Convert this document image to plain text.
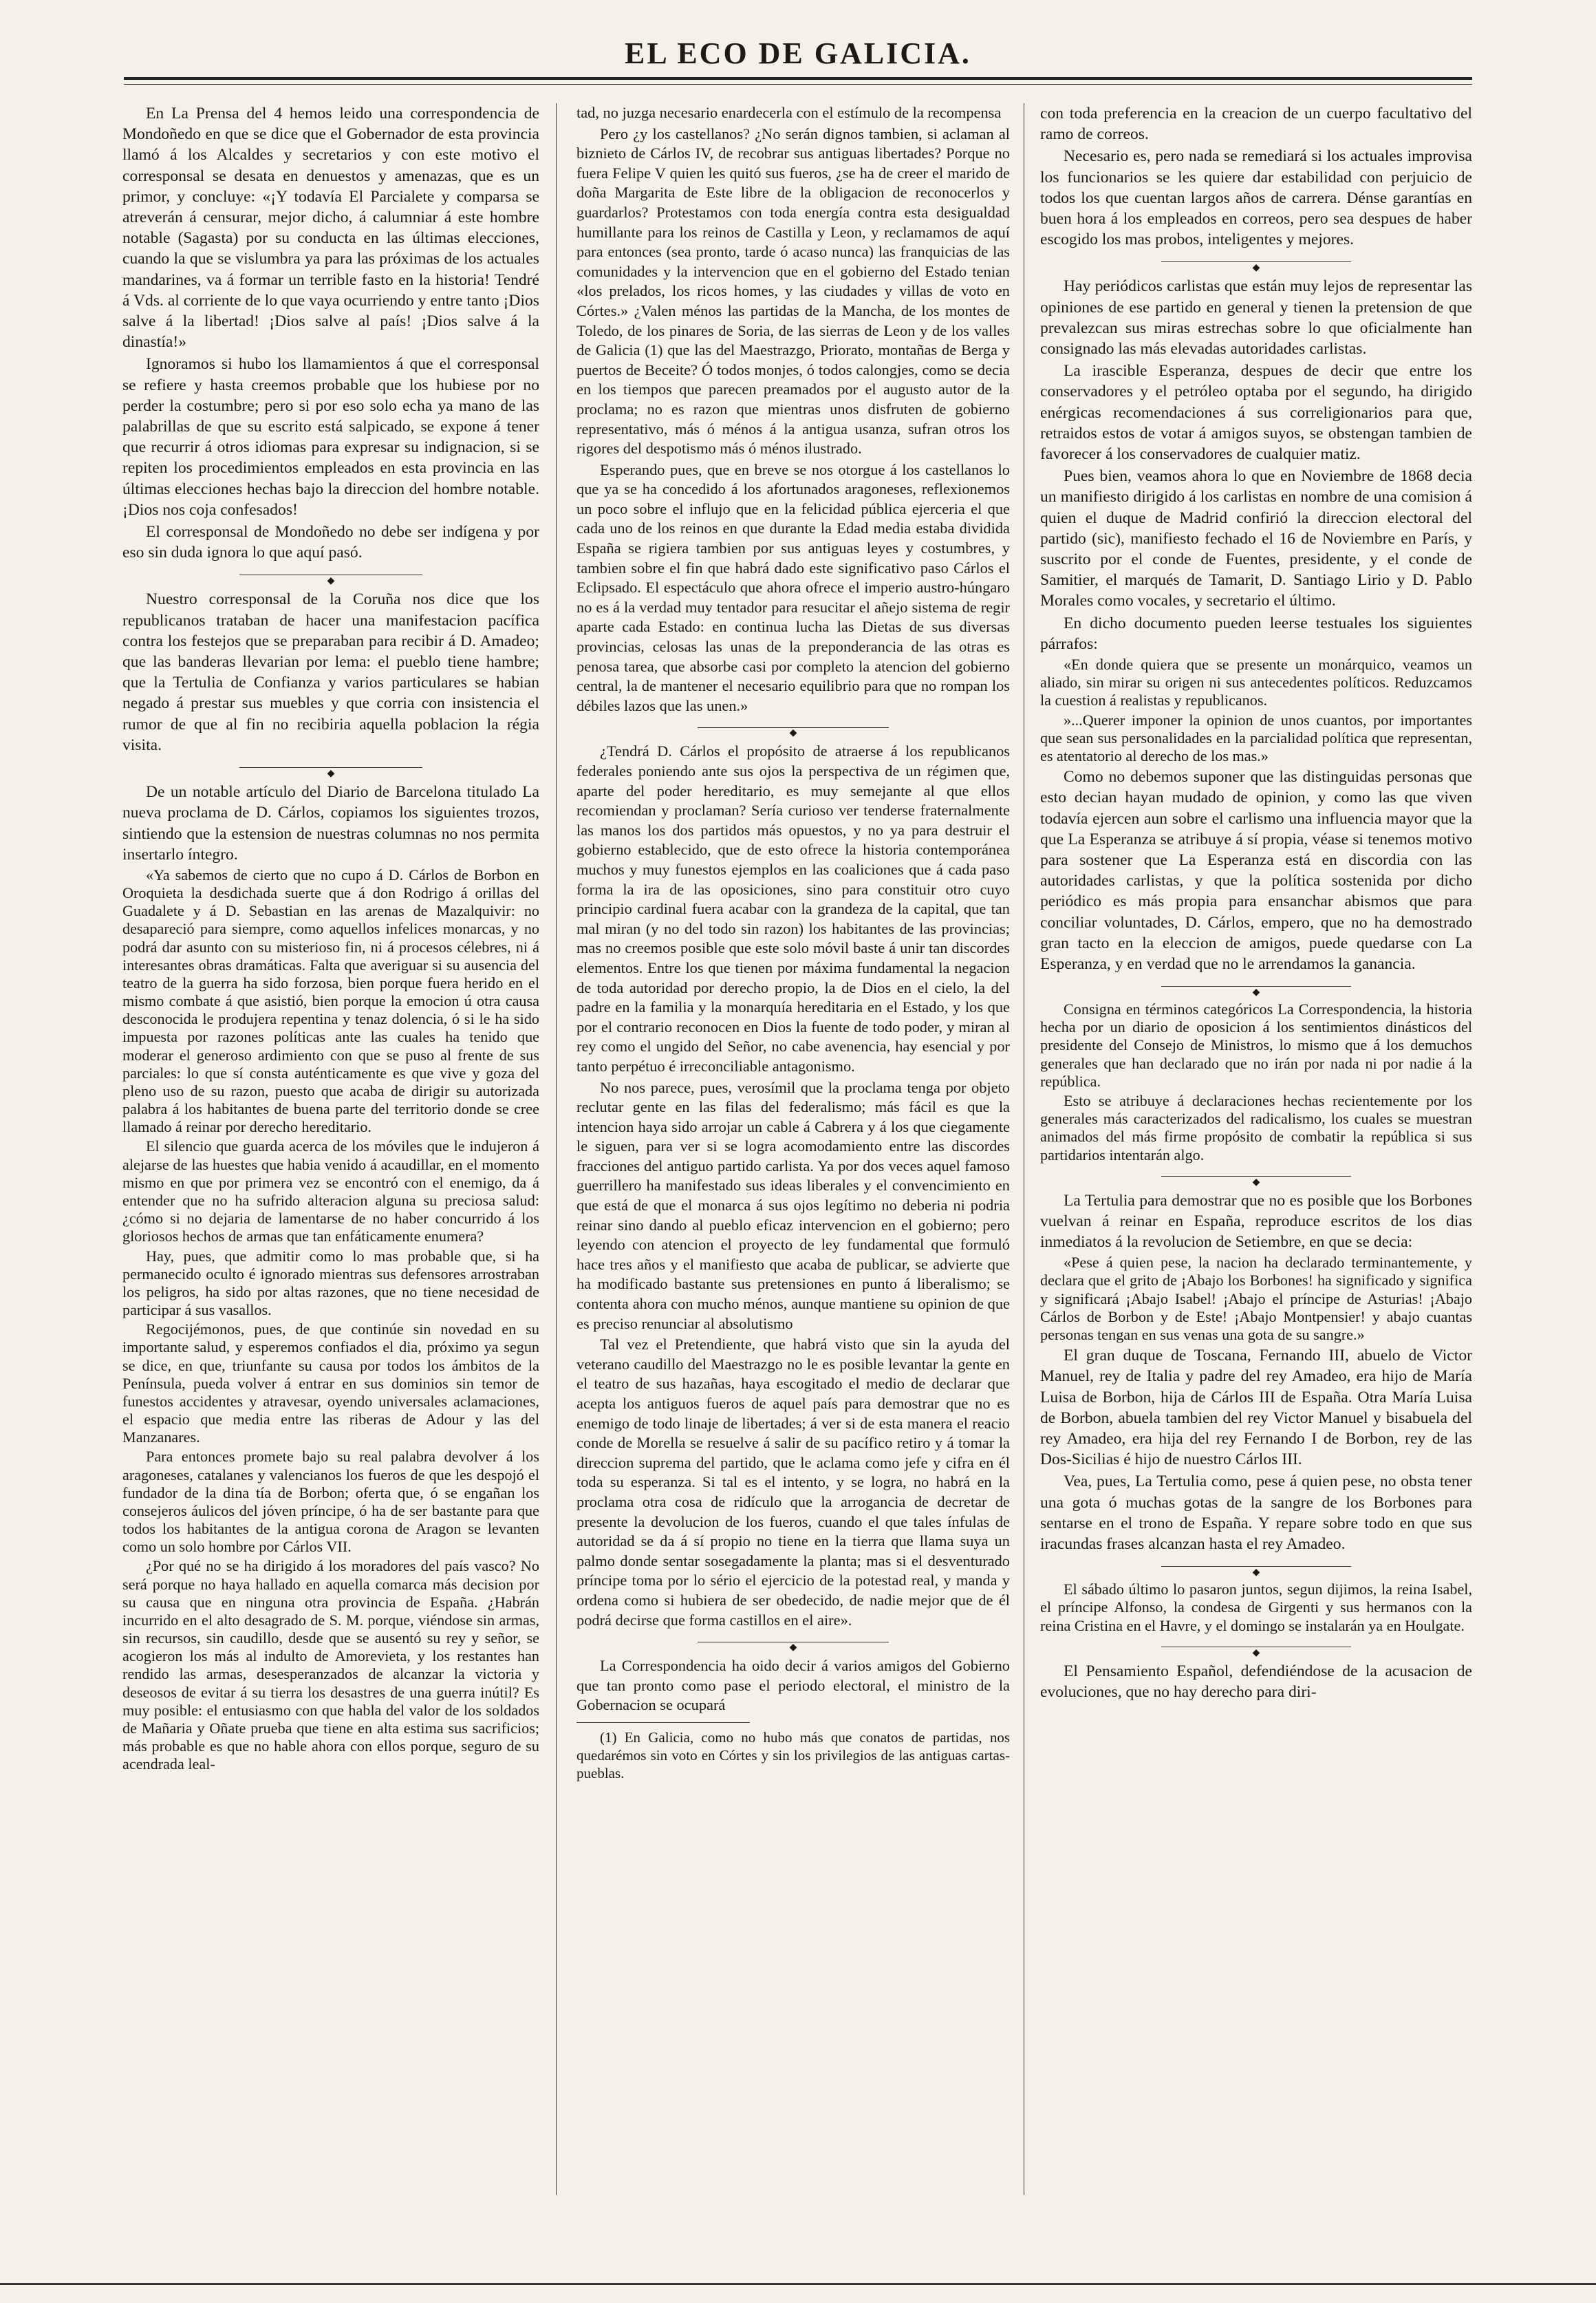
EL ECO DE GALICIA.

En La Prensa del 4 hemos leido una correspondencia de Mondoñedo en que se dice que el Gobernador de esta provincia llamó á los Alcaldes y secretarios y con este motivo el corresponsal se desata en denuestos y amenazas, que es un primor, y concluye: «¡Y todavía El Parcialete y comparsa se atreverán á censurar, mejor dicho, á calumniar á este hombre notable (Sagasta) por su conducta en las últimas elecciones, cuando la que se vislumbra ya para las próximas de los actuales mandarines, va á formar un terrible fasto en la historia! Tendré á Vds. al corriente de lo que vaya ocurriendo y entre tanto ¡Dios salve á la libertad! ¡Dios salve al país! ¡Dios salve á la dinastía!»

Ignoramos si hubo los llamamientos á que el corresponsal se refiere y hasta creemos probable que los hubiese por no perder la costumbre; pero si por eso solo echa ya mano de las palabrillas de que su escrito está salpicado, se expone á tener que recurrir á otros idiomas para expresar su indignacion, si se repiten los procedimientos empleados en esta provincia en las últimas elecciones hechas bajo la direccion del hombre notable. ¡Dios nos coja confesados!

El corresponsal de Mondoñedo no debe ser indígena y por eso sin duda ignora lo que aquí pasó.

◆

Nuestro corresponsal de la Coruña nos dice que los republicanos trataban de hacer una manifestacion pacífica contra los festejos que se preparaban para recibir á D. Amadeo; que las banderas llevarian por lema: el pueblo tiene hambre; que la Tertulia de Confianza y varios particulares se habian negado á prestar sus muebles y que corria con insistencia el rumor de que al fin no recibiria aquella poblacion la régia visita.

◆

De un notable artículo del Diario de Barcelona titulado La nueva proclama de D. Cárlos, copiamos los siguientes trozos, sintiendo que la estension de nuestras columnas no nos permita insertarlo íntegro.

«Ya sabemos de cierto que no cupo á D. Cárlos de Borbon en Oroquieta la desdichada suerte que á don Rodrigo á orillas del Guadalete y á D. Sebastian en las arenas de Mazalquivir: no desapareció para siempre, como aquellos infelices monarcas, y no podrá dar asunto con su misterioso fin, ni á procesos célebres, ni á interesantes obras dramáticas. Falta que averiguar si su ausencia del teatro de la guerra ha sido forzosa, bien porque fuera herido en el mismo combate á que asistió, bien porque la emocion ú otra causa desconocida le produjera repentina y tenaz dolencia, ó si le ha sido impuesta por razones políticas ante las cuales ha tenido que moderar el generoso ardimiento con que se puso al frente de sus parciales: lo que sí consta auténticamente es que vive y goza del pleno uso de su razon, puesto que acaba de dirigir su autorizada palabra á los habitantes de buena parte del territorio donde se cree llamado á reinar por derecho hereditario.

El silencio que guarda acerca de los móviles que le indujeron á alejarse de las huestes que habia venido á acaudillar, en el momento mismo en que por primera vez se encontró con el enemigo, da á entender que no ha sufrido alteracion alguna su preciosa salud: ¿cómo si no dejaria de lamentarse de no haber concurrido á los gloriosos hechos de armas que tan enfáticamente enumera?

Hay, pues, que admitir como lo mas probable que, si ha permanecido oculto é ignorado mientras sus defensores arrostraban los peligros, ha sido por altas razones, que no tiene necesidad de participar á sus vasallos.

Regocijémonos, pues, de que continúe sin novedad en su importante salud, y esperemos confiados el dia, próximo ya segun se dice, en que, triunfante su causa por todos los ámbitos de la Península, pueda volver á entrar en sus dominios sin temor de funestos accidentes y atravesar, oyendo universales aclamaciones, el espacio que media entre las riberas de Adour y las del Manzanares.

Para entonces promete bajo su real palabra devolver á los aragoneses, catalanes y valencianos los fueros de que les despojó el fundador de la dina tía de Borbon; oferta que, ó se engañan los consejeros áulicos del jóven príncipe, ó ha de ser bastante para que todos los habitantes de la antigua corona de Aragon se levanten como un solo hombre por Cárlos VII.

¿Por qué no se ha dirigido á los moradores del país vasco? No será porque no haya hallado en aquella comarca más decision por su causa que en ninguna otra provincia de España. ¿Habrán incurrido en el alto desagrado de S. M. porque, viéndose sin armas, sin recursos, sin caudillo, desde que se ausentó su rey y señor, se acogieron los más al indulto de Amorevieta, y los restantes han rendido las armas, desesperanzados de alcanzar la victoria y deseosos de evitar á su tierra los desastres de una guerra inútil? Es muy posible: el entusiasmo con que habla del valor de los soldados de Mañaria y Oñate prueba que tiene en alta estima sus sacrificios; más probable es que no hable ahora con ellos porque, seguro de su acendrada leal-

tad, no juzga necesario enardecerla con el estímulo de la recompensa

Pero ¿y los castellanos? ¿No serán dignos tambien, si aclaman al biznieto de Cárlos IV, de recobrar sus antiguas libertades? Porque no fuera Felipe V quien les quitó sus fueros, ¿se ha de creer el marido de doña Margarita de Este libre de la obligacion de reconocerlos y guardarlos? Protestamos con toda energía contra esta desigualdad humillante para los reinos de Castilla y Leon, y reclamamos de aquí para entonces (sea pronto, tarde ó acaso nunca) las franquicias de las comunidades y la intervencion que en el gobierno del Estado tenian «los prelados, los ricos homes, y las ciudades y villas de voto en Córtes.» ¿Valen ménos las partidas de la Mancha, de los montes de Toledo, de los pinares de Soria, de las sierras de Leon y de los valles de Galicia (1) que las del Maestrazgo, Priorato, montañas de Berga y puertos de Beceite? Ó todos monjes, ó todos calongjes, como se decia en los tiempos que parecen preamados por el augusto autor de la proclama; no es razon que mientras unos disfruten de gobierno representativo, más ó ménos á la antigua usanza, sufran otros los rigores del despotismo más ó ménos ilustrado.

Esperando pues, que en breve se nos otorgue á los castellanos lo que ya se ha concedido á los afortunados aragoneses, reflexionemos un poco sobre el influjo que en la felicidad pública ejerceria el que cada uno de los reinos en que durante la Edad media estaba dividida España se rigiera tambien por sus antiguas leyes y costumbres, y tambien sobre el fin que habrá dado este significativo paso Cárlos el Eclipsado. El espectáculo que ahora ofrece el imperio austro-húngaro no es á la verdad muy tentador para resucitar el añejo sistema de regir aparte cada Estado: en continua lucha las Dietas de sus diversas provincias, celosas las unas de la preponderancia de las otras es penosa tarea, que absorbe casi por completo la atencion del gobierno central, la de mantener el necesario equilibrio para que no rompan los débiles lazos que las unen.»

◆

¿Tendrá D. Cárlos el propósito de atraerse á los republicanos federales poniendo ante sus ojos la perspectiva de un régimen que, aparte del poder hereditario, es muy semejante al que ellos recomiendan y proclaman? Sería curioso ver tenderse fraternalmente las manos los dos partidos más opuestos, y no ya para destruir el gobierno establecido, que de esto ofrece la historia contemporánea muchos y muy funestos ejemplos en las coaliciones que á cada paso forma la ira de las oposiciones, sino para constituir otro cuyo principio cardinal fuera acabar con la grandeza de la capital, que tan mal miran (y no del todo sin razon) los habitantes de las provincias; mas no creemos posible que este solo móvil baste á unir tan discordes elementos. Entre los que tienen por máxima fundamental la negacion de toda autoridad por derecho propio, la de Dios en el cielo, la del padre en la familia y la monarquía hereditaria en el Estado, y los que por el contrario reconocen en Dios la fuente de todo poder, y miran al rey como el ungido del Señor, no cabe avenencia, hay esencial y por tanto perpétuo é irreconciliable antagonismo.

No nos parece, pues, verosímil que la proclama tenga por objeto reclutar gente en las filas del federalismo; más fácil es que la intencion haya sido arrojar un cable á Cabrera y á los que ciegamente le siguen, para ver si se logra acomodamiento entre las discordes fracciones del antiguo partido carlista. Ya por dos veces aquel famoso guerrillero ha manifestado sus ideas liberales y el convencimiento en que está de que el monarca á sus ojos legítimo no deberia ni podria reinar sino dando al pueblo eficaz intervencion en el gobierno; pero leyendo con atencion el proyecto de ley fundamental que formuló hace tres años y el manifiesto que acaba de publicar, se advierte que ha modificado bastante sus pretensiones en punto á liberalismo; se contenta ahora con mucho ménos, aunque mantiene su opinion de que es preciso renunciar al absolutismo

Tal vez el Pretendiente, que habrá visto que sin la ayuda del veterano caudillo del Maestrazgo no le es posible levantar la gente en el teatro de sus hazañas, haya escogitado el medio de declarar que acepta los antiguos fueros de aquel país para demostrar que no es enemigo de todo linaje de libertades; á ver si de esta manera el reacio conde de Morella se resuelve á salir de su pacífico retiro y á tomar la direccion suprema del partido, que le aclama como jefe y cifra en él toda su esperanza. Si tal es el intento, y se logra, no habrá en la proclama otra cosa de ridículo que la arrogancia de decretar de presente la devolucion de los fueros, cuando el que tales ínfulas de autoridad se da á sí propio no tiene en la tierra que llama suya un palmo donde sentar sosegadamente la planta; mas si el desventurado príncipe toma por lo sério el ejercicio de la potestad real, y manda y ordena como si hubiera de ser obedecido, de nadie mejor que de él podrá decirse que forma castillos en el aire».

◆

La Correspondencia ha oido decir á varios amigos del Gobierno que tan pronto como pase el periodo electoral, el ministro de la Gobernacion se ocupará

(1) En Galicia, como no hubo más que conatos de partidas, nos quedarémos sin voto en Córtes y sin los privilegios de las antiguas cartas-pueblas.

con toda preferencia en la creacion de un cuerpo facultativo del ramo de correos.

Necesario es, pero nada se remediará si los actuales improvisa los funcionarios se les quiere dar estabilidad con perjuicio de todos los que cuentan largos años de carrera. Dénse garantías en buen hora á los empleados en correos, pero sea despues de haber escogido los mas probos, inteligentes y mejores.

◆

Hay periódicos carlistas que están muy lejos de representar las opiniones de ese partido en general y tienen la pretension de que prevalezcan sus miras estrechas sobre lo que oficialmente han consignado las más elevadas autoridades carlistas.

La irascible Esperanza, despues de decir que entre los conservadores y el petróleo optaba por el segundo, ha dirigido enérgicas recomendaciones á sus correligionarios para que, retraidos estos de votar á amigos suyos, se obstengan tambien de favorecer á los conservadores de cualquier matiz.

Pues bien, veamos ahora lo que en Noviembre de 1868 decia un manifiesto dirigido á los carlistas en nombre de una comision á quien el duque de Madrid confirió la direccion electoral del partido (sic), manifiesto fechado el 16 de Noviembre en París, y suscrito por el conde de Fuentes, presidente, y el conde de Samitier, el marqués de Tamarit, D. Santiago Lirio y D. Pablo Morales como vocales, y secretario el último.

En dicho documento pueden leerse testuales los siguientes párrafos:

«En donde quiera que se presente un monárquico, veamos un aliado, sin mirar su origen ni sus antecedentes políticos. Reduzcamos la cuestion á realistas y republicanos.

»...Querer imponer la opinion de unos cuantos, por importantes que sean sus personalidades en la parcialidad política que representan, es atentatorio al derecho de los mas.»

Como no debemos suponer que las distinguidas personas que esto decian hayan mudado de opinion, y como las que viven todavía ejercen aun sobre el carlismo una influencia mayor que la que La Esperanza se atribuye á sí propia, véase si tenemos motivo para sostener que La Esperanza está en discordia con las autoridades carlistas, y que la política sostenida por dicho periódico es más propia para ensanchar abismos que para conciliar voluntades, D. Cárlos, empero, que no ha demostrado gran tacto en la eleccion de amigos, puede quedarse con La Esperanza, y en verdad que no le arrendamos la ganancia.

◆

Consigna en términos categóricos La Correspondencia, la historia hecha por un diario de oposicion á los sentimientos dinásticos del presidente del Consejo de Ministros, lo mismo que á los demuchos generales que han declarado que no irán por nada ni por nadie á la república.

Esto se atribuye á declaraciones hechas recientemente por los generales más caracterizados del radicalismo, los cuales se muestran animados del más firme propósito de combatir la república si sus partidarios intentarán algo.

◆

La Tertulia para demostrar que no es posible que los Borbones vuelvan á reinar en España, reproduce escritos de los dias inmediatos á la revolucion de Setiembre, en que se decia:

«Pese á quien pese, la nacion ha declarado terminantemente, y declara que el grito de ¡Abajo los Borbones! ha significado y significa y significará ¡Abajo Isabel! ¡Abajo el príncipe de Asturias! ¡Abajo Cárlos de Borbon y de Este! ¡Abajo Montpensier! y abajo cuantas personas tengan en sus venas una gota de su sangre.»

El gran duque de Toscana, Fernando III, abuelo de Victor Manuel, rey de Italia y padre del rey Amadeo, era hijo de María Luisa de Borbon, hija de Cárlos III de España. Otra María Luisa de Borbon, abuela tambien del rey Victor Manuel y bisabuela del rey Amadeo, era hija del rey Fernando I de Borbon, rey de las Dos-Sicilias é hijo de nuestro Cárlos III.

Vea, pues, La Tertulia como, pese á quien pese, no obsta tener una gota ó muchas gotas de la sangre de los Borbones para sentarse en el trono de España. Y repare sobre todo en que sus iracundas frases alcanzan hasta el rey Amadeo.

◆

El sábado último lo pasaron juntos, segun dijimos, la reina Isabel, el príncipe Alfonso, la condesa de Girgenti y sus hermanos con la reina Cristina en el Havre, y el domingo se instalarán ya en Houlgate.

◆

El Pensamiento Español, defendiéndose de la acusacion de evoluciones, que no hay derecho para diri-
